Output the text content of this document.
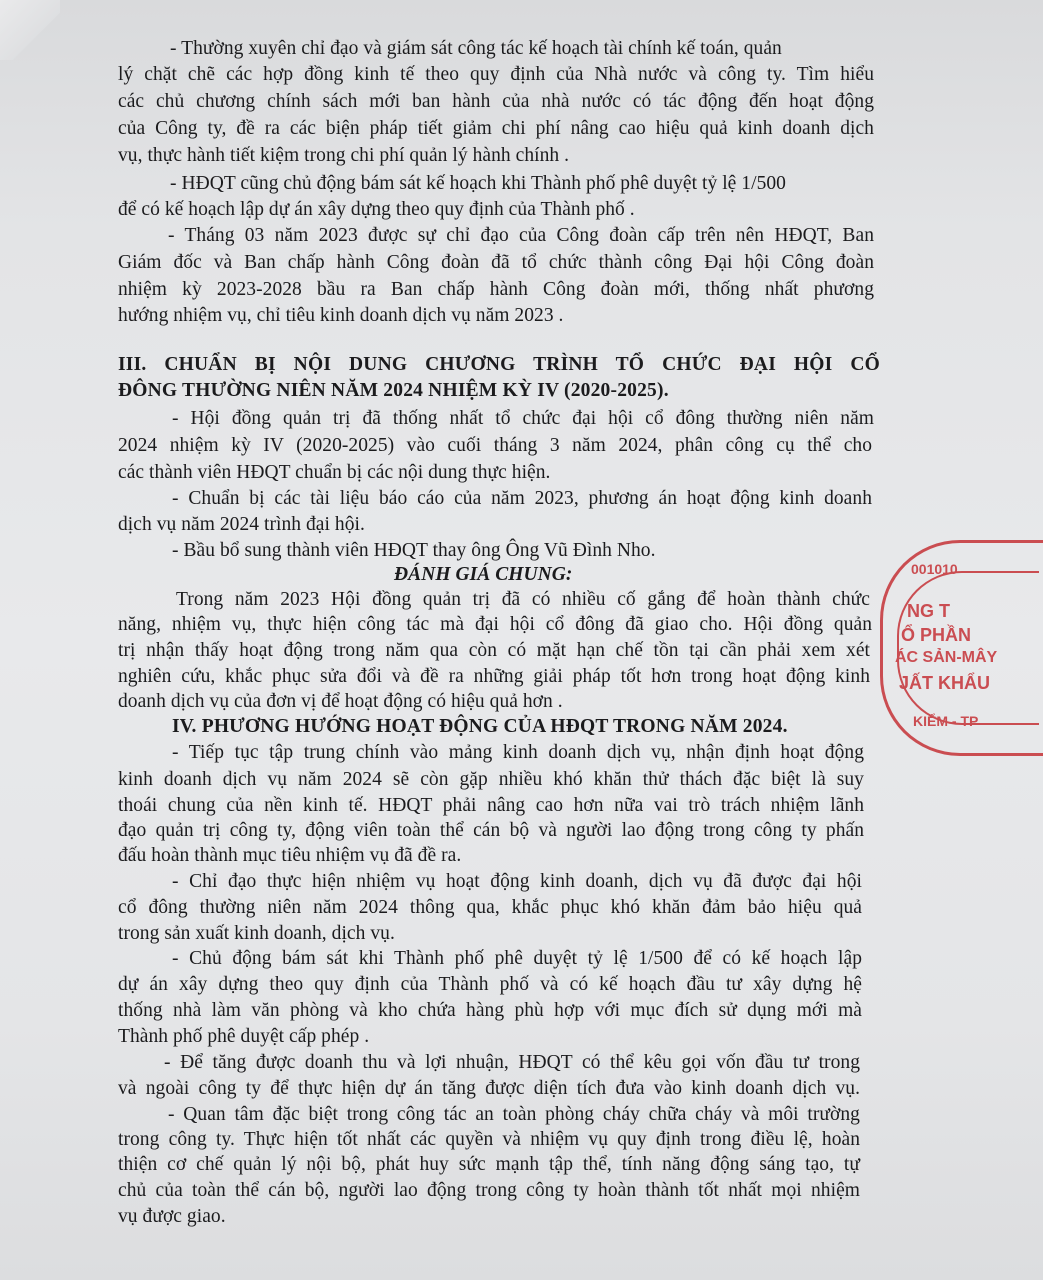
- Thường xuyên chỉ đạo và giám sát công tác kế hoạch tài chính kế toán, quản
lý chặt chẽ các hợp đồng kinh tế theo quy định của Nhà nước và công ty. Tìm hiểu
các chủ chương chính sách mới ban hành của nhà nước có tác động đến hoạt động
của Công ty, đề ra các biện pháp tiết giảm chi phí nâng cao hiệu quả kinh doanh dịch
vụ, thực hành tiết kiệm trong chi phí quản lý hành chính .
- HĐQT cũng chủ động bám sát kế hoạch khi Thành phố phê duyệt tỷ lệ 1/500
để có kế hoạch lập dự án xây dựng theo quy định của Thành phố .
- Tháng 03 năm 2023 được sự chỉ đạo của Công đoàn cấp trên nên HĐQT, Ban
Giám đốc và Ban chấp hành Công đoàn đã tổ chức thành công Đại hội Công đoàn
nhiệm kỳ 2023-2028 bầu ra Ban chấp hành Công đoàn mới, thống nhất phương
hướng nhiệm vụ, chỉ tiêu kinh doanh dịch vụ năm 2023 .
III. CHUẨN BỊ NỘI DUNG CHƯƠNG TRÌNH TỔ CHỨC ĐẠI HỘI CỔ
ĐÔNG THƯỜNG NIÊN NĂM 2024 NHIỆM KỲ IV (2020-2025).
- Hội đồng quản trị đã thống nhất tổ chức đại hội cổ đông thường niên năm
2024 nhiệm kỳ IV (2020-2025) vào cuối tháng 3 năm 2024, phân công cụ thể cho
các thành viên HĐQT chuẩn bị các nội dung thực hiện.
- Chuẩn bị các tài liệu báo cáo của năm 2023, phương án hoạt động kinh doanh
dịch vụ năm 2024 trình đại hội.
- Bầu bổ sung thành viên HĐQT thay ông Ông Vũ Đình Nho.
ĐÁNH GIÁ CHUNG:
Trong năm 2023 Hội đồng quản trị đã có nhiều cố gắng để hoàn thành chức
năng, nhiệm vụ, thực hiện công tác mà đại hội cổ đông đã giao cho. Hội đồng quản
trị nhận thấy hoạt động trong năm qua còn có mặt hạn chế tồn tại cần phải xem xét
nghiên cứu, khắc phục sửa đổi và đề ra những giải pháp tốt hơn trong hoạt động kinh
doanh dịch vụ của đơn vị để hoạt động có hiệu quả hơn .
IV. PHƯƠNG HƯỚNG HOẠT ĐỘNG CỦA HĐQT TRONG NĂM 2024.
- Tiếp tục tập trung chính vào mảng kinh doanh dịch vụ, nhận định hoạt động
kinh doanh dịch vụ năm 2024 sẽ còn gặp nhiều khó khăn thử thách đặc biệt là suy
thoái chung của nền kinh tế. HĐQT phải nâng cao hơn nữa vai trò trách nhiệm lãnh
đạo quản trị công ty, động viên toàn thể cán bộ và người lao động trong công ty phấn
đấu hoàn thành mục tiêu nhiệm vụ đã đề ra.
- Chỉ đạo thực hiện nhiệm vụ hoạt động kinh doanh, dịch vụ đã được đại hội
cổ đông thường niên năm 2024 thông qua, khắc phục khó khăn đảm bảo hiệu quả
trong sản xuất kinh doanh, dịch vụ.
- Chủ động bám sát khi Thành phố phê duyệt tỷ lệ 1/500 để có kế hoạch lập
dự án xây dựng theo quy định của Thành phố và có kế hoạch đầu tư xây dựng hệ
thống nhà làm văn phòng và kho chứa hàng phù hợp với mục đích sử dụng mới mà
Thành phố phê duyệt cấp phép .
- Để tăng được doanh thu và lợi nhuận, HĐQT có thể kêu gọi vốn đầu tư trong
và ngoài công ty để thực hiện dự án tăng được diện tích đưa vào kinh doanh dịch vụ.
- Quan tâm đặc biệt trong công tác an toàn phòng cháy chữa cháy và môi trường
trong công ty. Thực hiện tốt nhất các quyền và nhiệm vụ quy định trong điều lệ, hoàn
thiện cơ chế quản lý nội bộ, phát huy sức mạnh tập thể, tính năng động sáng tạo, tự
chủ của toàn thể cán bộ, người lao động trong công ty hoàn thành tốt nhất mọi nhiệm
vụ được giao.
001010
NG T
Ổ PHẦN
ÁC SẢN-MÂY
JẤT KHẨU
KIỂM - TP
